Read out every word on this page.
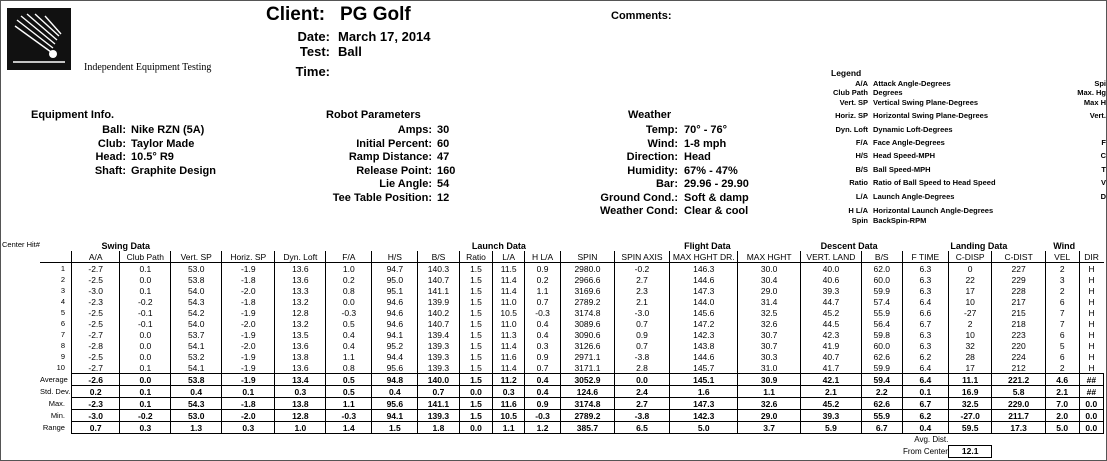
Independent Equipment Testing
Client: PG Golf
Date: March 17, 2014
Test: Ball
Time:
Comments:
Equipment Info.
Ball: Nike RZN (5A)
Club: Taylor Made
Head: 10.5° R9
Shaft: Graphite Design
Robot Parameters
Amps: 30
Initial Percent: 60
Ramp Distance: 47
Release Point: 160
Lie Angle: 54
Tee Table Position: 12
Weather
Temp: 70° - 76°
Wind: 1-8 mph
Direction: Head
Humidity: 67% - 47%
Bar: 29.96 - 29.90
Ground Cond.: Soft & damp
Weather Cond: Clear & cool
Legend
A/A Attack Angle-Degrees
Club Path Degrees
Vert. SP Vertical Swing Plane-Degrees
Horiz. SP Horizontal Swing Plane-Degrees
Dyn. Loft Dynamic Loft-Degrees
F/A Face Angle-Degrees
H/S Head Speed-MPH
B/S Ball Speed-MPH
Ratio Ratio of Ball Speed to Head Speed
L/A Launch Angle-Degrees
H L/A Horizontal Launch Angle-Degrees
Spin BackSpin-RPM
Spi
Max. Hg
Max H
Vert.
F
C
T
V
D
	Swing Data						Launch Data						Flight Data			Descent Data			Landing Data		Wind	
	A/A	Club Path	Vert. SP	Horiz. SP	Dyn. Loft	F/A	H/S	B/S	Ratio	L/A	H L/A	SPIN	SPIN AXIS	MAX HGHT DR.	MAX HGHT	VERT. LAND	B/S	F TIME	C-DISP	C-DIST	VEL	DIR
1	-2.7	0.1	53.0	-1.9	13.6	1.0	94.7	140.3	1.5	11.5	0.9	2980.0	-0.2	146.3	30.0	40.0	62.0	6.3	0	227	2	H
2	-2.5	0.0	53.8	-1.8	13.6	0.2	95.0	140.7	1.5	11.4	0.2	2966.6	2.7	144.6	30.4	40.6	60.0	6.3	22	229	3	H
3	-3.0	0.1	54.0	-2.0	13.3	0.8	95.1	141.1	1.5	11.4	1.1	3169.6	2.3	147.3	29.0	39.3	59.9	6.3	17	228	2	H
4	-2.3	-0.2	54.3	-1.8	13.2	0.0	94.6	139.9	1.5	11.0	0.7	2789.2	2.1	144.0	31.4	44.7	57.4	6.4	10	217	6	H
5	-2.5	-0.1	54.2	-1.9	12.8	-0.3	94.6	140.2	1.5	10.5	-0.3	3174.8	-3.0	145.6	32.5	45.2	55.9	6.6	-27	215	7	H
6	-2.5	-0.1	54.0	-2.0	13.2	0.5	94.6	140.7	1.5	11.0	0.4	3089.6	0.7	147.2	32.6	44.5	56.4	6.7	2	218	7	H
7	-2.7	0.0	53.7	-1.9	13.5	0.4	94.1	139.4	1.5	11.3	0.4	3090.6	0.9	142.3	30.7	42.3	59.8	6.3	10	223	6	H
8	-2.8	0.0	54.1	-2.0	13.6	0.4	95.2	139.3	1.5	11.4	0.3	3126.6	0.7	143.8	30.7	41.9	60.0	6.3	32	220	5	H
9	-2.5	0.0	53.2	-1.9	13.8	1.1	94.4	139.3	1.5	11.6	0.9	2971.1	-3.8	144.6	30.3	40.7	62.6	6.2	28	224	6	H
10	-2.7	0.1	54.1	-1.9	13.6	0.8	95.6	139.3	1.5	11.4	0.7	3171.1	2.8	145.7	31.0	41.7	59.9	6.4	17	212	2	H
Average	-2.6	0.0	53.8	-1.9	13.4	0.5	94.8	140.0	1.5	11.2	0.4	3052.9	0.0	145.1	30.9	42.1	59.4	6.4	11.1	221.2	4.6	##
Std. Dev.	0.2	0.1	0.4	0.1	0.3	0.5	0.4	0.7	0.0	0.3	0.4	124.6	2.4	1.6	1.1	2.1	2.2	0.1	16.9	5.8	2.1	##
Max.	-2.3	0.1	54.3	-1.8	13.8	1.1	95.6	141.1	1.5	11.6	0.9	3174.8	2.7	147.3	32.6	45.2	62.6	6.7	32.5	229.0	7.0	0.0
Min.	-3.0	-0.2	53.0	-2.0	12.8	-0.3	94.1	139.3	1.5	10.5	-0.3	2789.2	-3.8	142.3	29.0	39.3	55.9	6.2	-27.0	211.7	2.0	0.0
Range	0.7	0.3	1.3	0.3	1.0	1.4	1.5	1.8	0.0	1.1	1.2	385.7	6.5	5.0	3.7	5.9	6.7	0.4	59.5	17.3	5.0	0.0
																		Avg. Dist.				
																		From Center	12.1			
Center Hit#
